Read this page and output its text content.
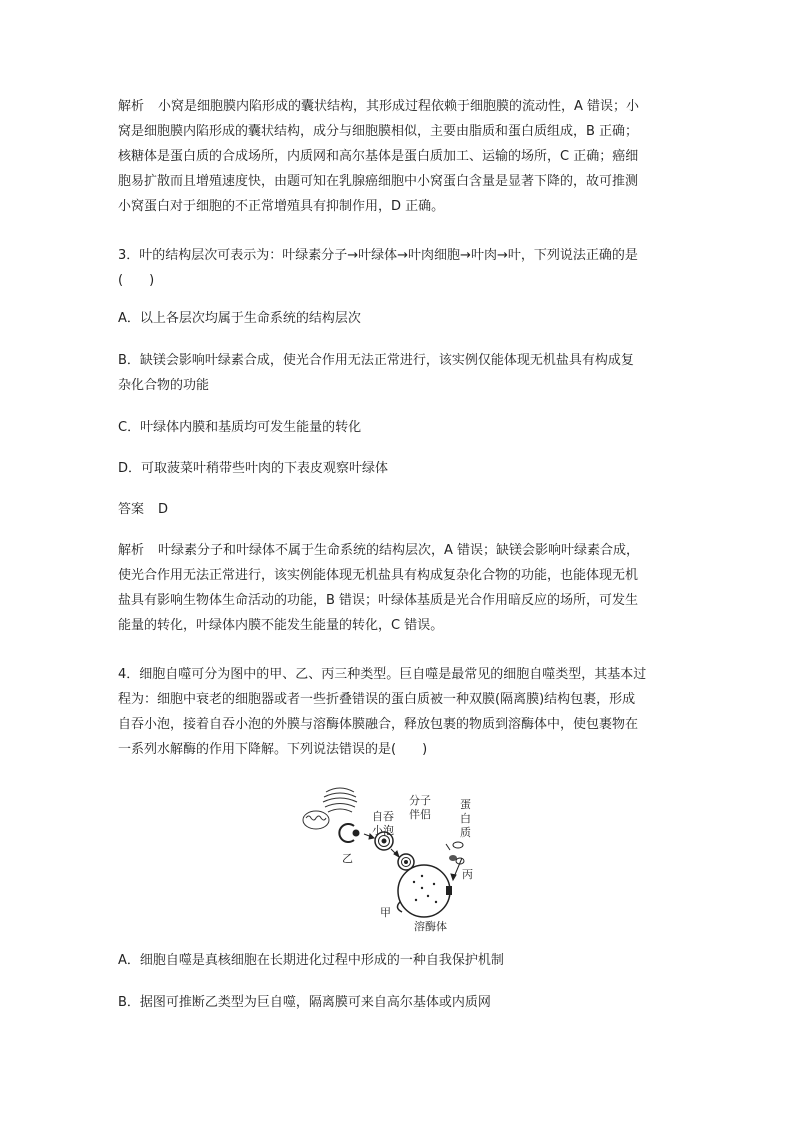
解析 小窝是细胞膜内陷形成的囊状结构，其形成过程依赖于细胞膜的流动性，A 错误；小
窝是细胞膜内陷形成的囊状结构，成分与细胞膜相似，主要由脂质和蛋白质组成，B 正确；
核糖体是蛋白质的合成场所，内质网和高尔基体是蛋白质加工、运输的场所，C 正确；癌细
胞易扩散而且增殖速度快，由题可知在乳腺癌细胞中小窝蛋白含量是显著下降的，故可推测
小窝蛋白对于细胞的不正常增殖具有抑制作用，D 正确。
3．叶的结构层次可表示为：叶绿素分子→叶绿体→叶肉细胞→叶肉→叶，下列说法正确的是
(　　)
A．以上各层次均属于生命系统的结构层次
B．缺镁会影响叶绿素合成，使光合作用无法正常进行，该实例仅能体现无机盐具有构成复
杂化合物的功能
C．叶绿体内膜和基质均可发生能量的转化
D．可取菠菜叶稍带些叶肉的下表皮观察叶绿体
答案 D
解析 叶绿素分子和叶绿体不属于生命系统的结构层次，A 错误；缺镁会影响叶绿素合成，
使光合作用无法正常进行，该实例能体现无机盐具有构成复杂化合物的功能，也能体现无机
盐具有影响生物体生命活动的功能，B 错误；叶绿体基质是光合作用暗反应的场所，可发生
能量的转化，叶绿体内膜不能发生能量的转化，C 错误。
4．细胞自噬可分为图中的甲、乙、丙三种类型。巨自噬是最常见的细胞自噬类型，其基本过
程为：细胞中衰老的细胞器或者一些折叠错误的蛋白质被一种双膜(隔离膜)结构包裹，形成
自吞小泡，接着自吞小泡的外膜与溶酶体膜融合，释放包裹的物质到溶酶体中，使包裹物在
一系列水解酶的作用下降解。下列说法错误的是(　　)
自吞
小泡
分子
伴侣
蛋
白
质
乙
丙
甲
溶酶体
A．细胞自噬是真核细胞在长期进化过程中形成的一种自我保护机制
B．据图可推断乙类型为巨自噬，隔离膜可来自高尔基体或内质网
